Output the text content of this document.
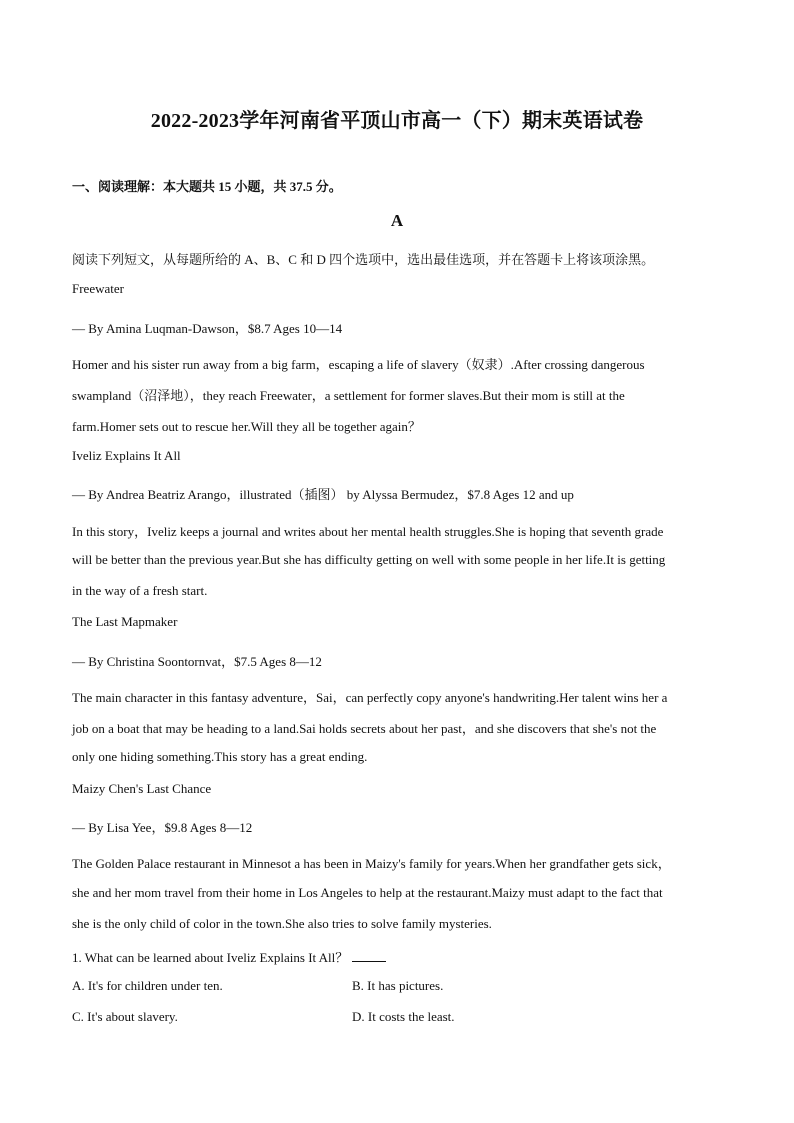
2022-2023学年河南省平顶山市高一（下）期末英语试卷
一、阅读理解：本大题共 15 小题，共 37.5 分。
A
阅读下列短文，从每题所给的 A、B、C 和 D 四个选项中，选出最佳选项，并在答题卡上将该项涂黑。
Freewater
— By Amina Luqman-Dawson，$8.7 Ages 10—14
Homer and his sister run away from a big farm，escaping a life of slavery（奴隶）.After crossing dangerous
swampland（沼泽地），they reach Freewater，a settlement for former slaves.But their mom is still at the
farm.Homer sets out to rescue her.Will they all be together again？
Iveliz Explains It All
— By Andrea Beatriz Arango，illustrated（插图） by Alyssa Bermudez，$7.8 Ages 12 and up
In this story，Iveliz keeps a journal and writes about her mental health struggles.She is hoping that seventh grade
will be better than the previous year.But she has difficulty getting on well with some people in her life.It is getting
in the way of a fresh start.
The Last Mapmaker
— By Christina Soontornvat，$7.5 Ages 8—12
The main character in this fantasy adventure，Sai，can perfectly copy anyone's handwriting.Her talent wins her a
job on a boat that may be heading to a land.Sai holds secrets about her past，and she discovers that she's not the
only one hiding something.This story has a great ending.
Maizy Chen's Last Chance
— By Lisa Yee，$9.8 Ages 8—12
The Golden Palace restaurant in Minnesot a has been in Maizy's family for years.When her grandfather gets sick，
she and her mom travel from their home in Los Angeles to help at the restaurant.Maizy must adapt to the fact that
she is the only child of color in the town.She also tries to solve family mysteries.
1. What can be learned about Iveliz Explains It All？
A. It's for children under ten.	B. It has pictures.
C. It's about slavery.	D. It costs the least.
